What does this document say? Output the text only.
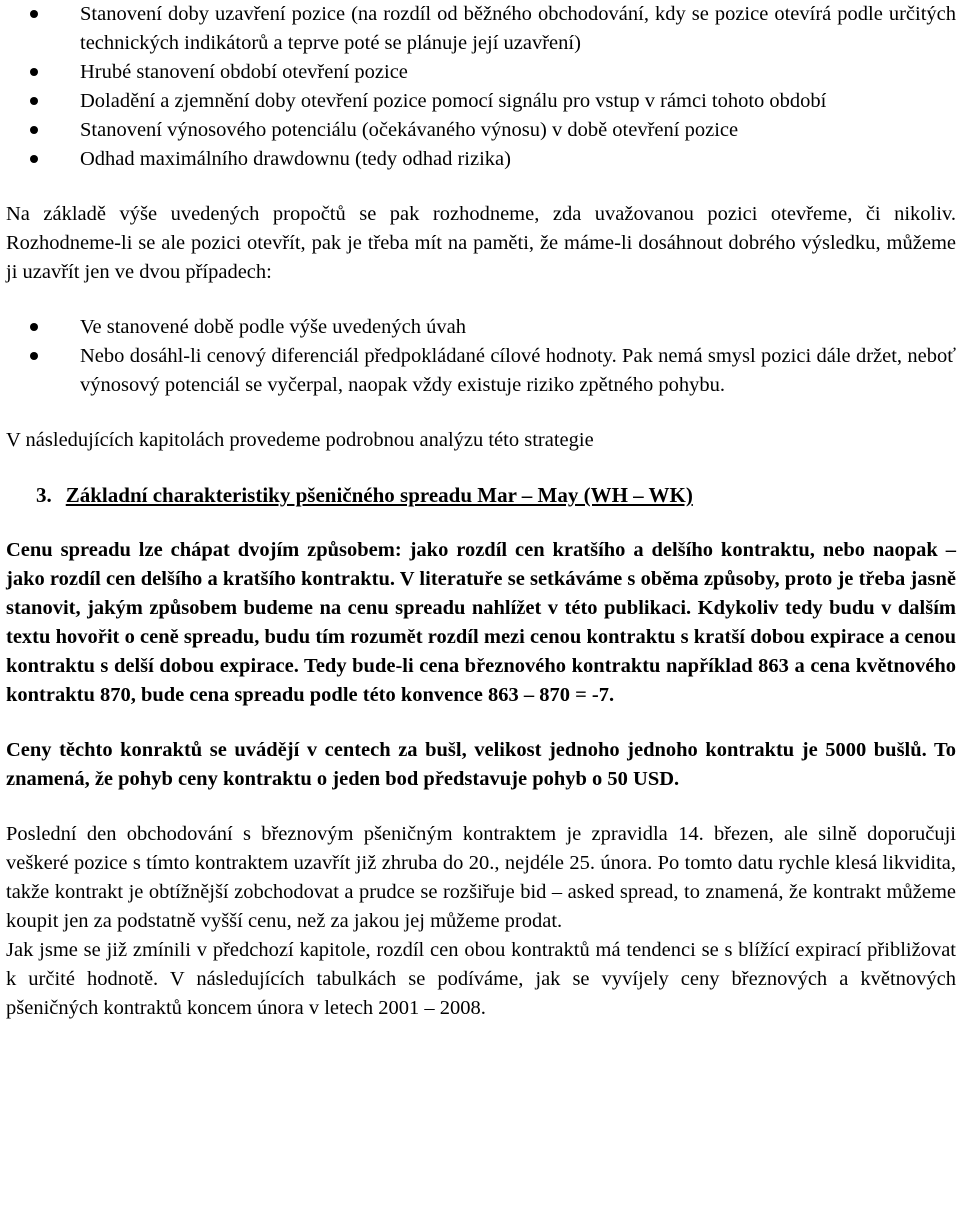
Stanovení doby uzavření pozice (na rozdíl od běžného obchodování, kdy se pozice otevírá podle určitých technických indikátorů a teprve poté se plánuje její uzavření)
Hrubé stanovení období otevření pozice
Doladění a zjemnění doby otevření pozice pomocí signálu pro vstup v rámci tohoto období
Stanovení výnosového potenciálu (očekávaného výnosu) v době otevření pozice
Odhad maximálního drawdownu (tedy odhad rizika)

Na základě výše uvedených propočtů se pak rozhodneme, zda uvažovanou pozici otevřeme, či nikoliv. Rozhodneme-li se ale pozici otevřít, pak je třeba mít na paměti, že máme-li dosáhnout dobrého výsledku, můžeme ji uzavřít jen ve dvou případech:

Ve stanovené době podle výše uvedených úvah
Nebo dosáhl-li cenový diferenciál předpokládané cílové hodnoty. Pak nemá smysl pozici dále držet, neboť výnosový potenciál se vyčerpal, naopak vždy existuje riziko zpětného pohybu.

V následujících kapitolách provedeme podrobnou analýzu této strategie

3. Základní charakteristiky pšeničného spreadu Mar – May (WH – WK)

Cenu spreadu lze chápat dvojím způsobem: jako rozdíl cen kratšího a delšího kontraktu, nebo naopak – jako rozdíl cen delšího a kratšího kontraktu. V literatuře se setkáváme s oběma způsoby, proto je třeba jasně stanovit, jakým způsobem budeme na cenu spreadu nahlížet v této publikaci. Kdykoliv tedy budu v dalším textu hovořit o ceně spreadu, budu tím rozumět rozdíl mezi cenou kontraktu s kratší dobou expirace a cenou kontraktu s delší dobou expirace. Tedy bude-li cena březnového kontraktu například 863 a cena květnového kontraktu 870, bude cena spreadu podle této konvence 863 – 870 = -7.

Ceny těchto konraktů se uvádějí v centech za bušl, velikost jednoho jednoho kontraktu je 5000 bušlů. To znamená, že pohyb ceny kontraktu o jeden bod představuje pohyb o 50 USD.

Poslední den obchodování s březnovým pšeničným kontraktem je zpravidla 14. březen, ale silně doporučuji veškeré pozice s tímto kontraktem uzavřít již zhruba do 20., nejdéle 25. února. Po tomto datu rychle klesá likvidita, takže kontrakt je obtížnější zobchodovat a prudce se rozšiřuje bid – asked spread, to znamená, že kontrakt můžeme koupit jen za podstatně vyšší cenu, než za jakou jej můžeme prodat.

Jak jsme se již zmínili v předchozí kapitole, rozdíl cen obou kontraktů má tendenci se s blížící expirací přibližovat k určité hodnotě. V následujících tabulkách se podíváme, jak se vyvíjely ceny březnových a květnových pšeničných kontraktů koncem února v letech 2001 – 2008.
